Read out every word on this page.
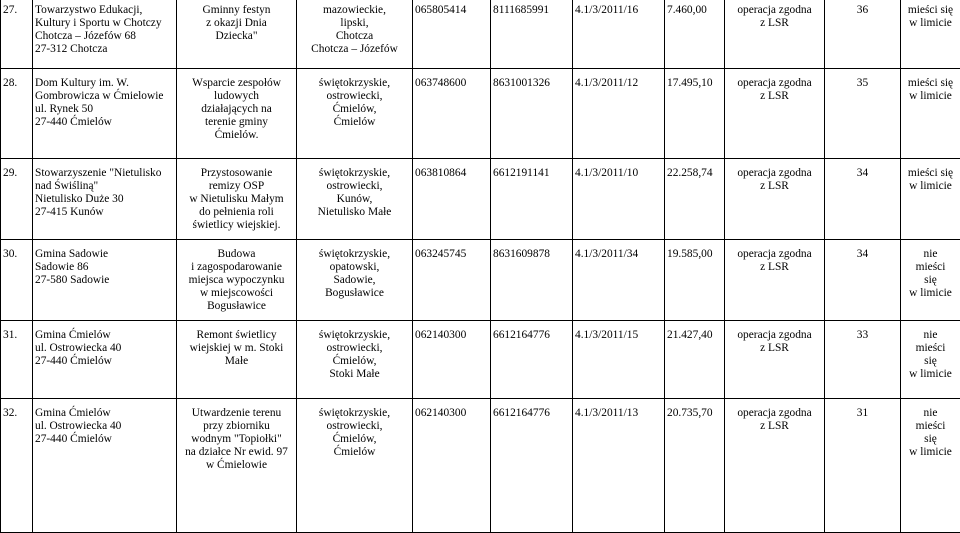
27.	Towarzystwo Edukacji,
Kultury i Sportu w Chotczy
Chotcza – Józefów 68
27-312 Chotcza	Gminny festyn
z okazji Dnia
Dziecka"	mazowieckie,
lipski,
Chotcza
Chotcza – Józefów	065805414	8111685991	4.1/3/2011/16	7.460,00	operacja zgodna
z LSR	36	mieści się
w limicie

28.	Dom Kultury im. W.
Gombrowicza w Ćmielowie
ul. Rynek 50
27-440 Ćmielów	Wsparcie zespołów
ludowych
działających na
terenie gminy
Ćmielów.	świętokrzyskie,
ostrowiecki,
Ćmielów,
Ćmielów	063748600	8631001326	4.1/3/2011/12	17.495,10	operacja zgodna
z LSR	35	mieści się
w limicie

29.	Stowarzyszenie "Nietulisko
nad Świśliną"
Nietulisko Duże 30
27-415 Kunów	Przystosowanie
remizy OSP
w Nietulisku Małym
do pełnienia roli
świetlicy wiejskiej.	świętokrzyskie,
ostrowiecki,
Kunów,
Nietulisko Małe	063810864	6612191141	4.1/3/2011/10	22.258,74	operacja zgodna
z LSR	34	mieści się
w limicie

30.	Gmina Sadowie
Sadowie 86
27-580 Sadowie	Budowa
i zagospodarowanie
miejsca wypoczynku
w miejscowości
Bogusławice	świętokrzyskie,
opatowski,
Sadowie,
Bogusławice	063245745	8631609878	4.1/3/2011/34	19.585,00	operacja zgodna
z LSR	34	nie
mieści
się
w limicie

31.	Gmina Ćmielów
ul. Ostrowiecka 40
27-440 Ćmielów	Remont świetlicy
wiejskiej w m. Stoki
Małe	świętokrzyskie,
ostrowiecki,
Ćmielów,
Stoki Małe	062140300	6612164776	4.1/3/2011/15	21.427,40	operacja zgodna
z LSR	33	nie
mieści
się
w limicie

32.	Gmina Ćmielów
ul. Ostrowiecka 40
27-440 Ćmielów	Utwardzenie terenu
przy zbiorniku
wodnym "Topiołki"
na działce Nr ewid. 97
w Ćmielowie	świętokrzyskie,
ostrowiecki,
Ćmielów,
Ćmielów	062140300	6612164776	4.1/3/2011/13	20.735,70	operacja zgodna
z LSR	31	nie
mieści
się
w limicie
